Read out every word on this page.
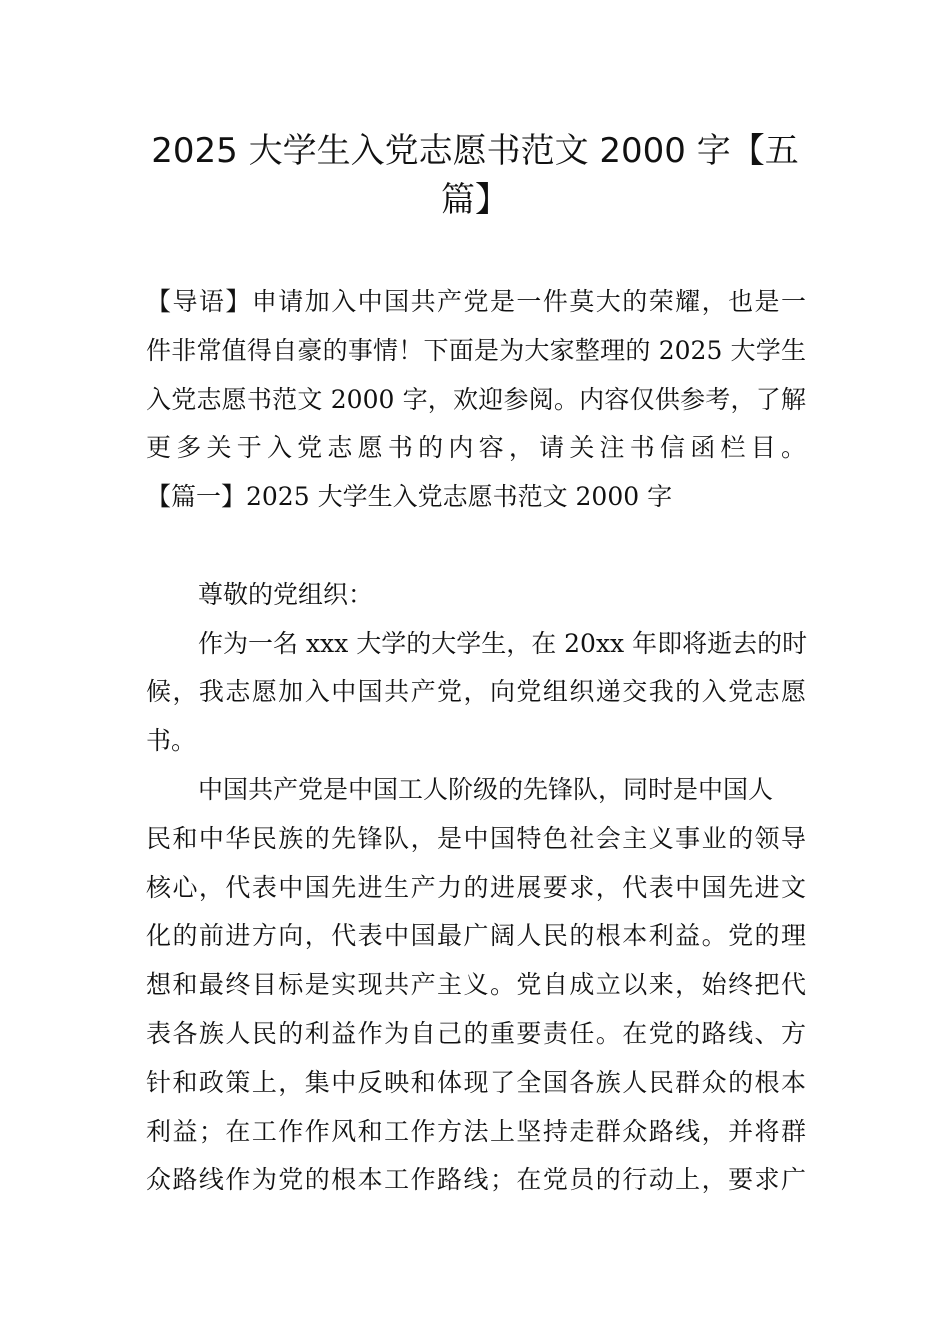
2025 大学生入党志愿书范文 2000 字【五
篇】
【导语】申请加入中国共产党是一件莫大的荣耀，也是一
件非常值得自豪的事情！下面是为大家整理的 2025 大学生
入党志愿书范文 2000 字，欢迎参阅。内容仅供参考，了解
更多关于入党志愿书的内容，请关注书信函栏目。
【篇一】2025 大学生入党志愿书范文 2000 字
尊敬的党组织：
作为一名 xxx 大学的大学生，在 20xx 年即将逝去的时
候，我志愿加入中国共产党，向党组织递交我的入党志愿
书。
中国共产党是中国工人阶级的先锋队，同时是中国人
民和中华民族的先锋队，是中国特色社会主义事业的领导
核心，代表中国先进生产力的进展要求，代表中国先进文
化的前进方向，代表中国最广阔人民的根本利益。党的理
想和最终目标是实现共产主义。党自成立以来，始终把代
表各族人民的利益作为自己的重要责任。在党的路线、方
针和政策上，集中反映和体现了全国各族人民群众的根本
利益；在工作作风和工作方法上坚持走群众路线，并将群
众路线作为党的根本工作路线；在党员的行动上，要求广
